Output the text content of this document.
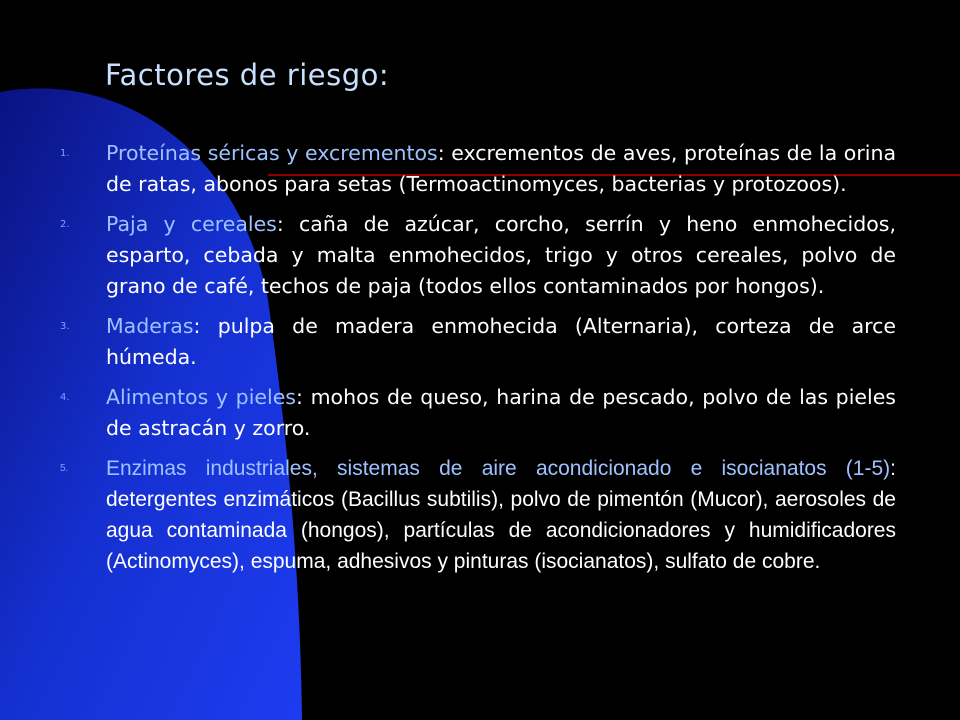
Factores de riesgo:
1. Proteínas séricas y excrementos: excrementos de aves, proteínas de la orina de ratas, abonos para setas (Termoactinomyces, bacterias y protozoos).
2. Paja y cereales: caña de azúcar, corcho, serrín y heno enmohecidos, esparto, cebada y malta enmohecidos, trigo y otros cereales, polvo de grano de café, techos de paja (todos ellos contaminados por hongos).
3. Maderas: pulpa de madera enmohecida (Alternaria), corteza de arce húmeda.
4. Alimentos y pieles: mohos de queso, harina de pescado, polvo de las pieles de astracán y zorro.
5. Enzimas industriales, sistemas de aire acondicionado e isocianatos (1-5): detergentes enzimáticos (Bacillus subtilis), polvo de pimentón (Mucor), aerosoles de agua contaminada (hongos), partículas de acondicionadores y humidificadores (Actinomyces), espuma, adhesivos y pinturas (isocianatos), sulfato de cobre.
